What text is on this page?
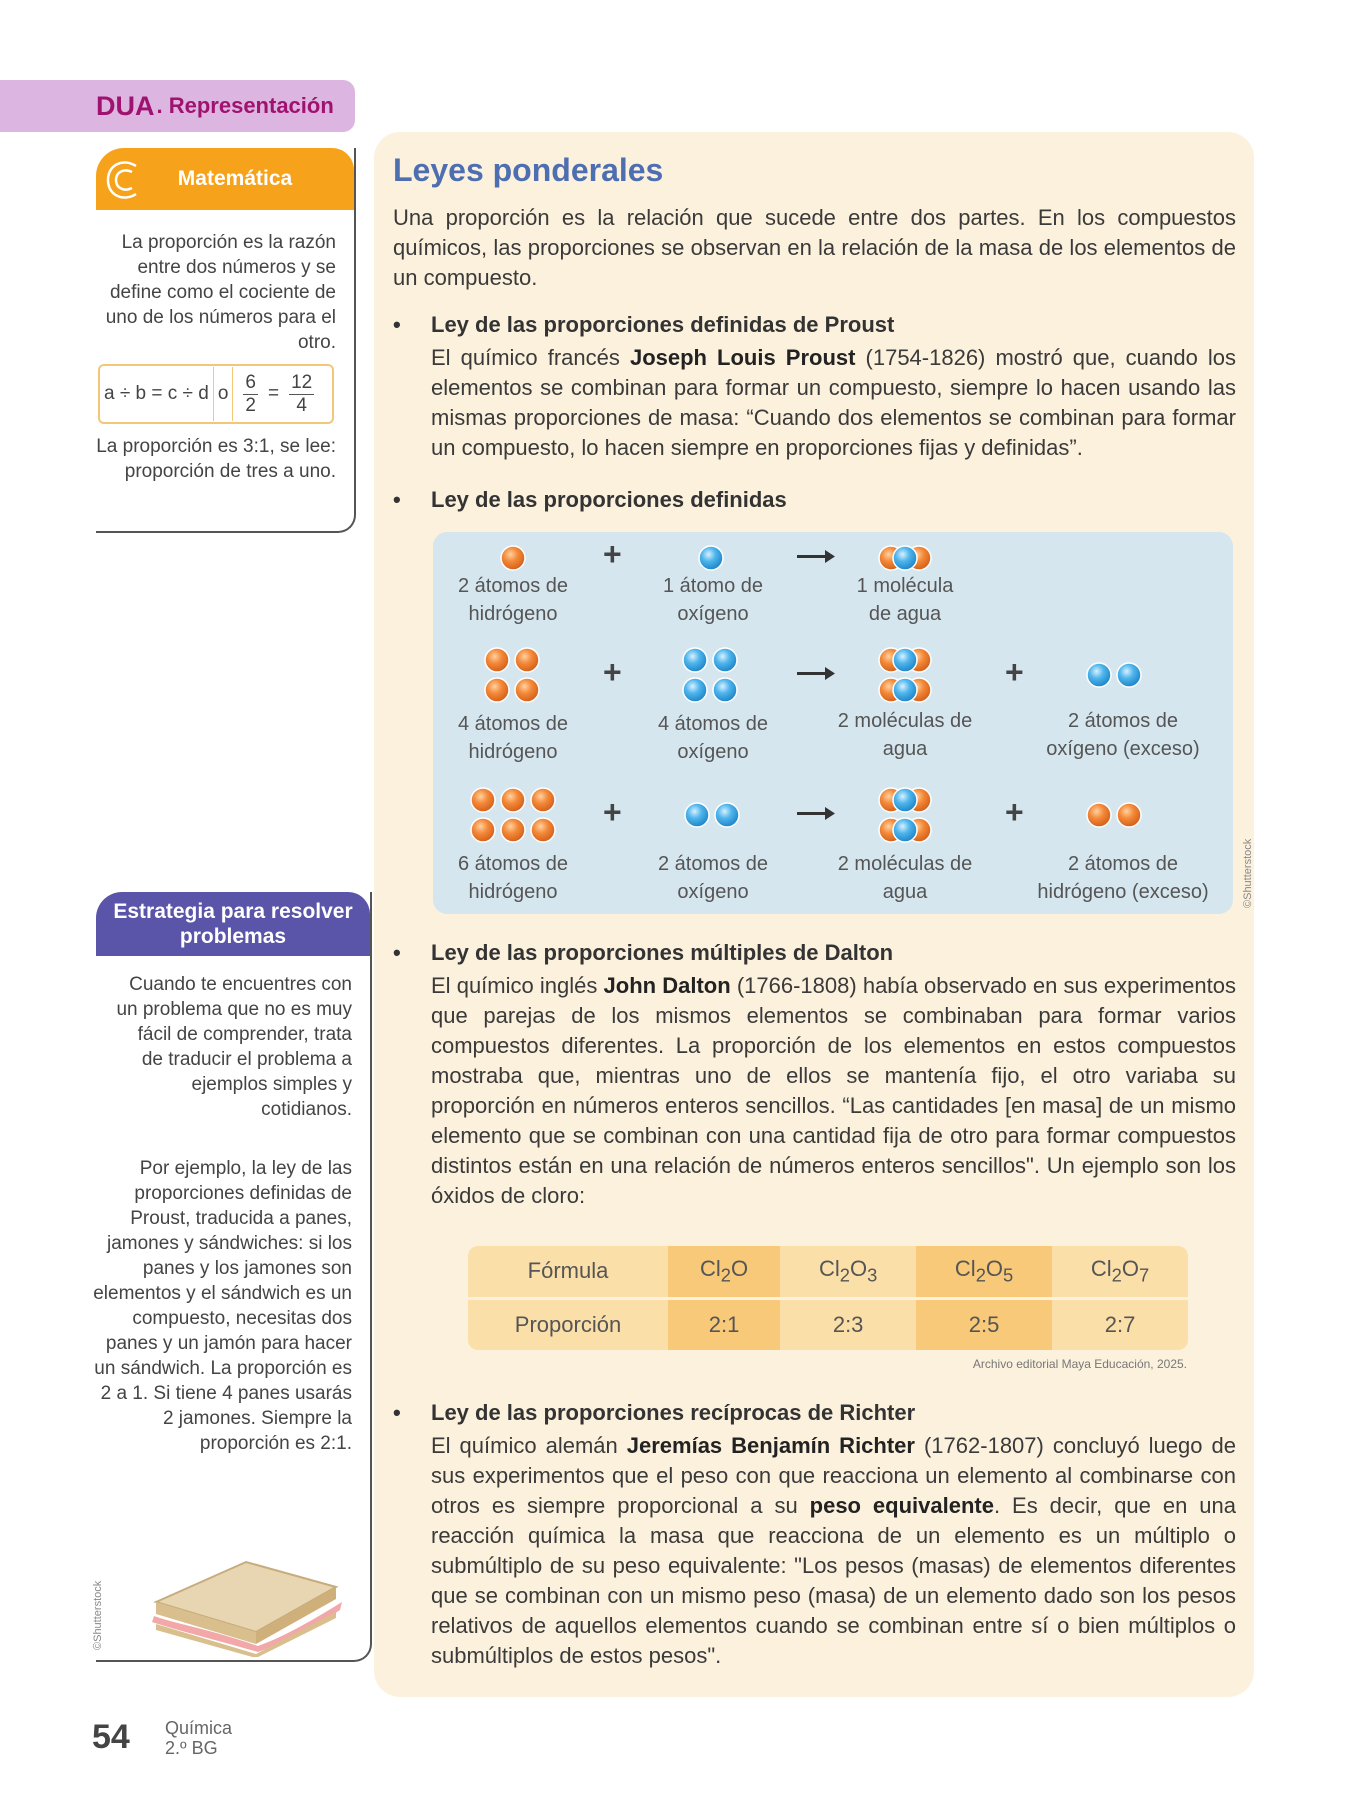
DUA . Representación
Matemática
La proporción es la razón entre dos números y se define como el cociente de uno de los números para el otro.
a ÷ b = c ÷ d o $\frac{6}{2} = \frac{12}{4}$
La proporción es 3:1, se lee: proporción de tres a uno.
Estrategia para resolver problemas
Cuando te encuentres con un problema que no es muy fácil de comprender, trata de traducir el problema a ejemplos simples y cotidianos.
Por ejemplo, la ley de las proporciones definidas de Proust, traducida a panes, jamones y sándwiches: si los panes y los jamones son elementos y el sándwich es un compuesto, necesitas dos panes y un jamón para hacer un sándwich. La proporción es 2 a 1. Si tiene 4 panes usarás 2 jamones. Siempre la proporción es 2:1.
©Shutterstock
Leyes ponderales
Una proporción es la relación que sucede entre dos partes. En los compuestos químicos, las proporciones se observan en la relación de la masa de los elementos de un compuesto.
• Ley de las proporciones definidas de Proust
El químico francés Joseph Louis Proust (1754-1826) mostró que, cuando los elementos se combinan para formar un compuesto, siempre lo hacen usando las mismas proporciones de masa: “Cuando dos elementos se combinan para formar un compuesto, lo hacen siempre en proporciones fijas y definidas”.
• Ley de las proporciones definidas
+
+	+
+	+
2 átomos de hidrógeno
1 átomo de oxígeno
1 molécula de agua
4 átomos de hidrógeno
4 átomos de oxígeno
2 moléculas de agua
2 átomos de oxígeno (exceso)
6 átomos de hidrógeno
2 átomos de oxígeno
2 moléculas de agua
2 átomos de hidrógeno (exceso)	©Shutterstock
• Ley de las proporciones múltiples de Dalton
El químico inglés John Dalton (1766-1808) había observado en sus experimentos que parejas de los mismos elementos se combinaban para formar varios compuestos diferentes. La proporción de los elementos en estos compuestos mostraba que, mientras uno de ellos se mantenía fijo, el otro variaba su proporción en números enteros sencillos. “Las cantidades [en masa] de un mismo elemento que se combinan con una cantidad fija de otro para formar compuestos distintos están en una relación de números enteros sencillos". Un ejemplo son los óxidos de cloro:
Fórmula	$Cl_2O$	$Cl_2O_3$	$Cl_2O_5$	$Cl_2O_7$
Proporción	2:1	2:3	2:5	2:7
Archivo editorial Maya Educación, 2025.
• Ley de las proporciones recíprocas de Richter
El químico alemán Jeremías Benjamín Richter (1762-1807) concluyó luego de sus experimentos que el peso con que reacciona un elemento al combinarse con otros es siempre proporcional a su peso equivalente. Es decir, que en una reacción química la masa que reacciona de un elemento es un múltiplo o submúltiplo de su peso equivalente: "Los pesos (masas) de elementos diferentes que se combinan con un mismo peso (masa) de un elemento dado son los pesos relativos de aquellos elementos cuando se combinan entre sí o bien múltiplos o submúltiplos de estos pesos".
54 Química
2.º BG
